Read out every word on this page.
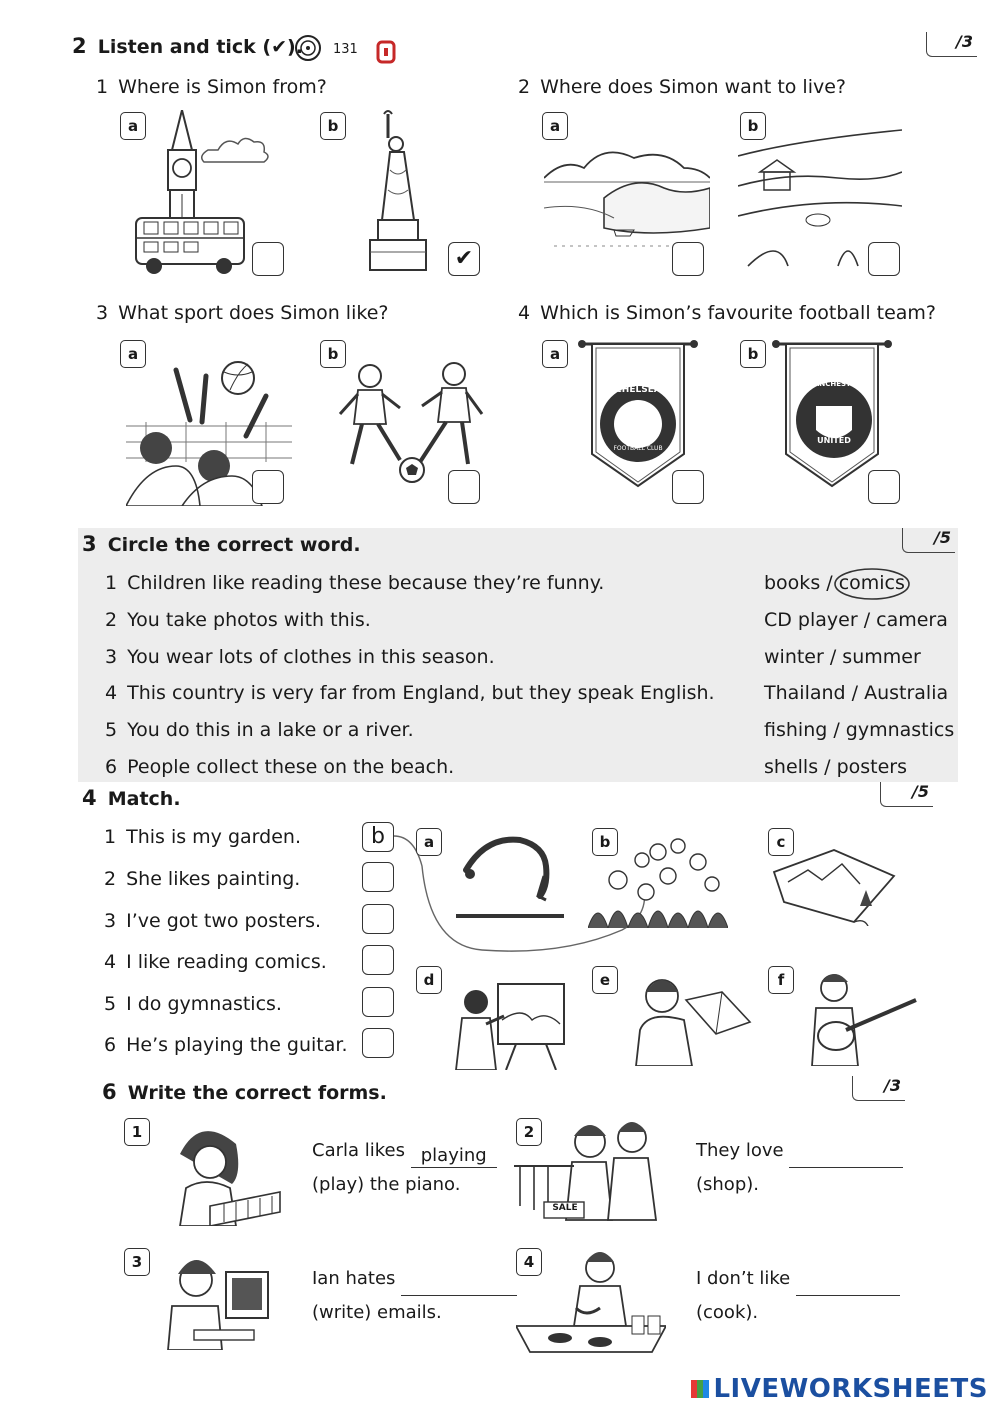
2 Listen and tick (✔). 131	/3
1 Where is Simon from?
a	b
✔
2 Where does Simon want to live?
a	b
3 What sport does Simon like?
a	b
4 Which is Simon’s favourite football team?
a	b
CHELSEA
FOOTBALL CLUB
MANCHESTER
UNITED
3 Circle the correct word.	/5
1 Children like reading these because they’re funny.	books / comics
2 You take photos with this.	CD player / camera
3 You wear lots of clothes in this season.	winter / summer
4 This country is very far from England, but they speak English.	Thailand / Australia
5 You do this in a lake or a river.	fishing / gymnastics
6 People collect these on the beach.	shells / posters
4 Match.	/5
1 This is my garden.	b
2 She likes painting.
3 I’ve got two posters.
4 I like reading comics.
5 I do gymnastics.
6 He’s playing the guitar.
a	b	c
d	e	f
6 Write the correct forms.	/3
1
Carla likes playing
(play) the piano.
2
SALE
They love
(shop).
3
Ian hates
(write) emails.
4
I don’t like
(cook).
LIVEWORKSHEETS
